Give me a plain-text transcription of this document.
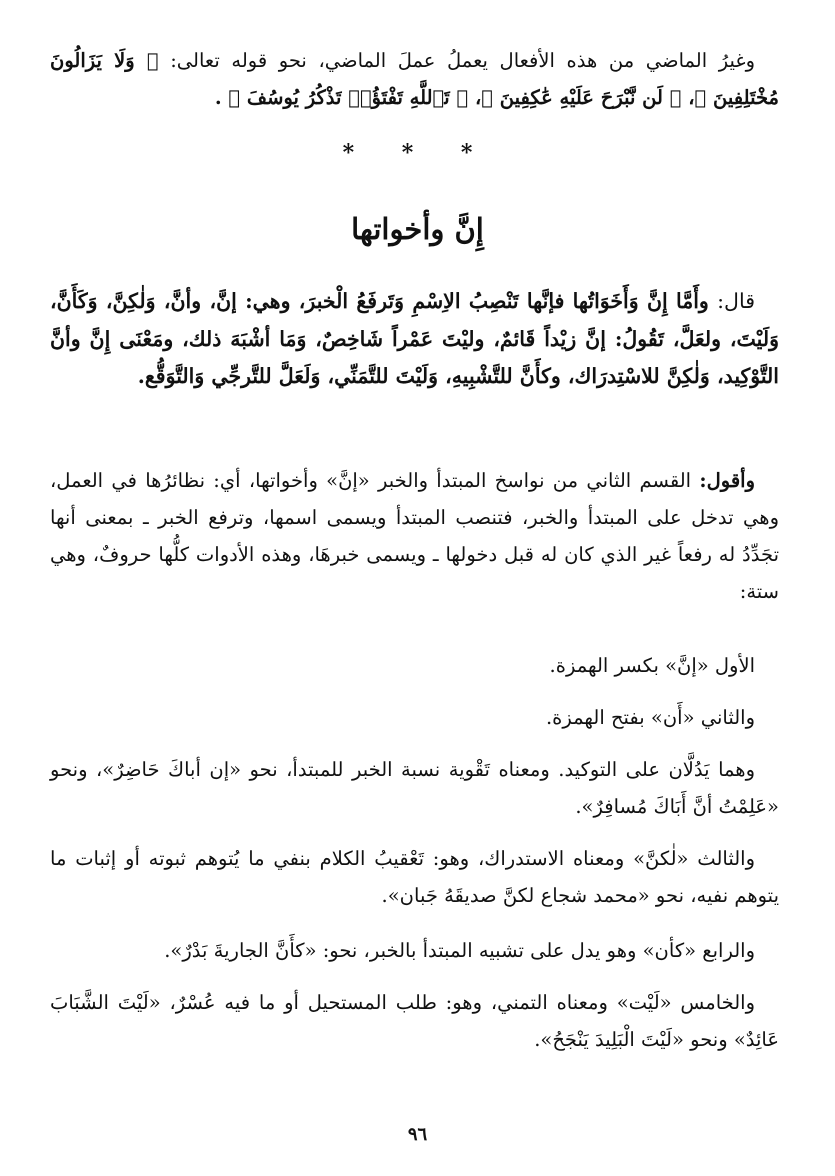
وغيرُ الماضي من هذه الأفعال يعملُ عملَ الماضي، نحو قوله تعالى: ﴿ وَلَا يَزَالُونَ مُخْتَلِفِينَ ﴾، ﴿ لَن نَّبْرَحَ عَلَيْهِ عَٰكِفِينَ ﴾، ﴿ تَٱللَّهِ تَفْتَؤُا۟ تَذْكُرُ يُوسُفَ ﴾ .

* * *
إِنَّ وأخواتها

قال: وأَمَّا إِنَّ وَأَخَوَاتُها فإنَّها تَنْصِبُ الاِسْمِ وَتَرفَعُ الْخبرَ، وهي: إنَّ، وأنَّ، وَلٰكِنَّ، وَكَأَنَّ، وَلَيْتَ، ولعَلَّ، تَقُولُ: إنَّ زيْداً قَائمٌ، وليْتَ عَمْراً شَاخِصٌ، وَمَا أشْبَهَ ذلك، ومَعْنَى إِنَّ وأنَّ التَّوْكِيد، وَلٰكِنَّ للاسْتِدرَاك، وكأَنَّ للتَّشْبِيهِ، وَلَيْتَ للتَّمَنِّي، وَلَعَلَّ للتَّرجِّي وَالتَّوَقُّع.

وأقول: القسم الثاني من نواسخ المبتدأ والخبر «إنَّ» وأخواتها، أي: نظائرُها في العمل، وهي تدخل على المبتدأ والخبر، فتنصب المبتدأ ويسمى اسمها، وترفع الخبر ـ بمعنى أنها تجَدِّدُ له رفعاً غير الذي كان له قبل دخولها ـ ويسمى خبرهَا، وهذه الأدوات كلُّها حروفٌ، وهي ستة:

الأول «إنَّ» بكسر الهمزة.

والثاني «أَن» بفتح الهمزة.

وهما يَدُلَّان على التوكيد. ومعناه تَقْوية نسبة الخبر للمبتدأ، نحو «إن أباكَ حَاضِرٌ»، ونحو «عَلِمْتُ أنَّ أَبَاكَ مُسافِرٌ».

والثالث «لٰكنَّ» ومعناه الاستدراك، وهو: تَعْقيبُ الكلام بنفي ما يُتوهم ثبوته أو إثبات ما يتوهم نفيه، نحو «محمد شجاع لكنَّ صديقَهُ جَبان».

والرابع «كأن» وهو يدل على تشبيه المبتدأ بالخبر، نحو: «كأَنَّ الجاريةَ بَدْرٌ».

والخامس «لَيْت» ومعناه التمني، وهو: طلب المستحيل أو ما فيه عُسْرٌ، «لَيْتَ الشَّبَابَ عَائِدٌ» ونحو «لَيْتَ الْبَلِيدَ يَنْجَحُ».

٩٦
